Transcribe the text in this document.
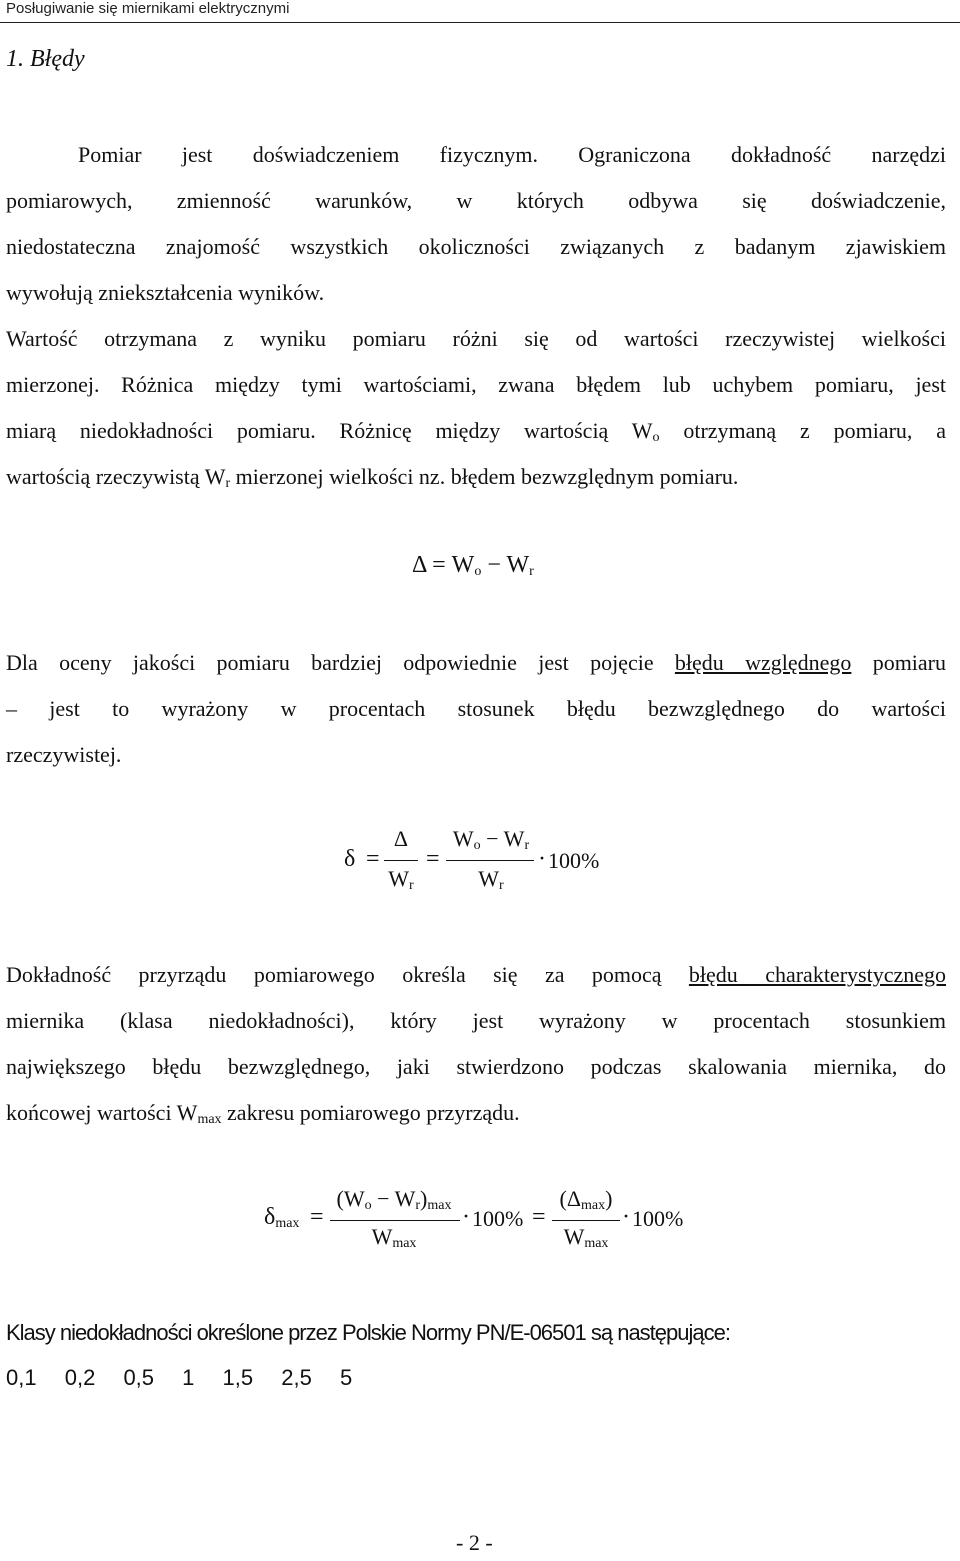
Posługiwanie się miernikami elektrycznymi
1. Błędy
Pomiar jest doświadczeniem fizycznym. Ograniczona dokładność narzędzi
pomiarowych, zmienność warunków, w których odbywa się doświadczenie,
niedostateczna znajomość wszystkich okoliczności związanych z badanym zjawiskiem
wywołują zniekształcenia wyników.
Wartość otrzymana z wyniku pomiaru różni się od wartości rzeczywistej wielkości
mierzonej. Różnica między tymi wartościami, zwana błędem lub uchybem pomiaru, jest
miarą niedokładności pomiaru. Różnicę między wartością $W_o$ otrzymaną z pomiaru, a
wartością rzeczywistą $W_r$ mierzonej wielkości nz. błędem bezwzględnym pomiaru.
$\Delta = W_o - W_r$
Dla oceny jakości pomiaru bardziej odpowiednie jest pojęcie błędu względnego pomiaru
– jest to wyrażony w procentach stosunek błędu bezwzględnego do wartości
rzeczywistej.
δ =
Δ
$W_r$
=
$W_o - W_r$
$W_r$
· 100%
Dokładność przyrządu pomiarowego określa się za pomocą błędu charakterystycznego
miernika (klasa niedokładności), który jest wyrażony w procentach stosunkiem
największego błędu bezwzględnego, jaki stwierdzono podczas skalowania miernika, do
końcowej wartości $W_{max}$ zakresu pomiarowego przyrządu.
$\delta_{max}$ =
$(W_o - W_r)_{max}$
$W_{max}$
· 100% =
$(\Delta_{max})$
$W_{max}$
· 100%
Klasy niedokładności określone przez Polskie Normy PN/E-06501 są następujące:
0,1 0,2 0,5 1 1,5 2,5 5
- 2 -
